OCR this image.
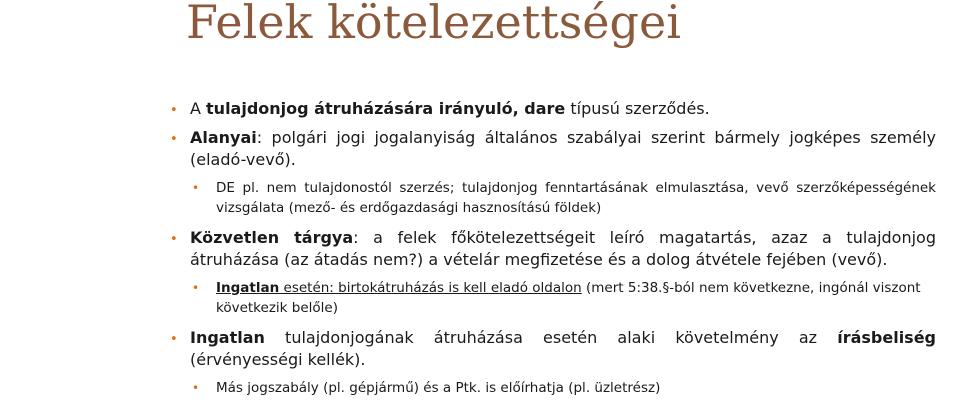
Felek kötelezettségei
• A tulajdonjog átruházására irányuló, dare típusú szerződés.
• Alanyai: polgári jogi jogalanyiság általános szabályai szerint bármely jogképes személy (eladó-vevő).
• DE pl. nem tulajdonostól szerzés; tulajdonjog fenntartásának elmulasztása, vevő szerzőképességének vizsgálata (mező- és erdőgazdasági hasznosítású földek)
• Közvetlen tárgya: a felek főkötelezettségeit leíró magatartás, azaz a tulajdonjog átruházása (az átadás nem?) a vételár megfizetése és a dolog átvétele fejében (vevő).
• Ingatlan esetén: birtokátruházás is kell eladó oldalon (mert 5:38.§-ból nem következne, ingónál viszont következik belőle)
• Ingatlan tulajdonjogának átruházása esetén alaki követelmény az írásbeliség (érvényességi kellék).
• Más jogszabály (pl. gépjármű) és a Ptk. is előírhatja (pl. üzletrész)
